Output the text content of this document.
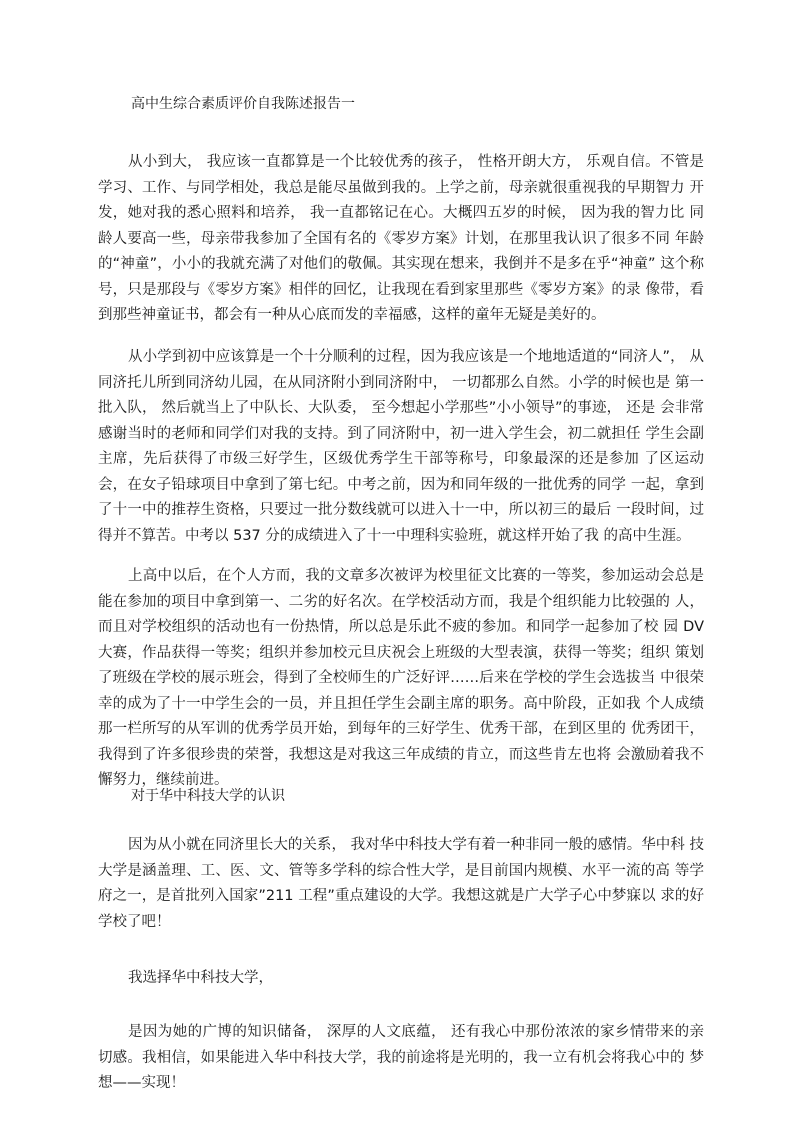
高中生综合素质评价自我陈述报告一

从小到大， 我应该一直都算是一个比较优秀的孩子， 性格开朗大方， 乐观自信。不管是 学习、工作、与同学相处，我总是能尽虽做到我的。上学之前，母亲就很重视我的早期智力 开发，她对我的悉心照料和培养， 我一直都铭记在心。大概四五岁的时候， 因为我的智力比 同龄人要高一些，母亲带我参加了全国有名的《零岁方案》计划，在那里我认识了很多不同 年龄的“神童”，小小的我就充满了对他们的敬佩。其实现在想来，我倒并不是多在乎“神童” 这个称号，只是那段与《零岁方案》相伴的回忆，让我现在看到家里那些《零岁方案》的录 像带，看到那些神童证书，都会有一种从心底而发的幸福感，这样的童年无疑是美好的。

从小学到初中应该算是一个十分顺利的过程，因为我应该是一个地地适道的“同济人”， 从同济托儿所到同济幼儿园，在从同济附小到同济附中， 一切都那么自然。小学的时候也是 第一批入队， 然后就当上了中队长、大队委， 至今想起小学那些”小小领导”的事迹， 还是 会非常感谢当时的老师和同学们对我的支持。到了同济附中，初一进入学生会，初二就担任 学生会副主席，先后获得了市级三好学生，区级优秀学生干部等称号，印象最深的还是参加 了区运动会，在女子铅球项目中拿到了第七纪。中考之前，因为和同年级的一批优秀的同学 一起，拿到了十一中的推荐生资格，只要过一批分数线就可以进入十一中，所以初三的最后 一段时间，过得并不算苦。中考以 537 分的成绩进入了十一中理科实验班，就这样开始了我 的高中生涯。

上高中以后，在个人方而，我的文章多次被评为校里征文比赛的一等奖，参加运动会总是能在参加的项目中拿到第一、二劣的好名次。在学校活动方而，我是个组织能力比较强的 人，而且对学校组织的活动也有一份热情，所以总是乐此不疲的参加。和同学一起参加了校 园 DV 大赛，作品获得一等奖；组织并参加校元旦庆祝会上班级的大型表演，获得一等奖；组织 策划了班级在学校的展示班会，得到了全校师生的广泛好评……后来在学校的学生会选拔当 中很荣幸的成为了十一中学生会的一员，并且担任学生会副主席的职务。高中阶段，正如我 个人成绩那一栏所写的从军训的优秀学员开始，到每年的三好学生、优秀干部，在到区里的 优秀团干，我得到了许多很珍贵的荣誉，我想这是对我这三年成绩的肯立，而这些肯左也将 会激励着我不懈努力，继续前进。

对于华中科技大学的认识

因为从小就在同济里长大的关系， 我对华中科技大学有着一种非同一般的感情。华中科 技大学是涵盖理、工、医、文、管等多学科的综合性大学，是目前国内规模、水平一流的高 等学府之一，是首批列入国家”211 工程”重点建设的大学。我想这就是广大学子心中梦寐以 求的好学校了吧！

我选择华中科技大学，

是因为她的广博的知识储备， 深厚的人文底蕴， 还有我心中那份浓浓的家乡情带来的亲 切感。我相信，如果能进入华中科技大学，我的前途将是光明的，我一立有机会将我心中的 梦想——实现！
